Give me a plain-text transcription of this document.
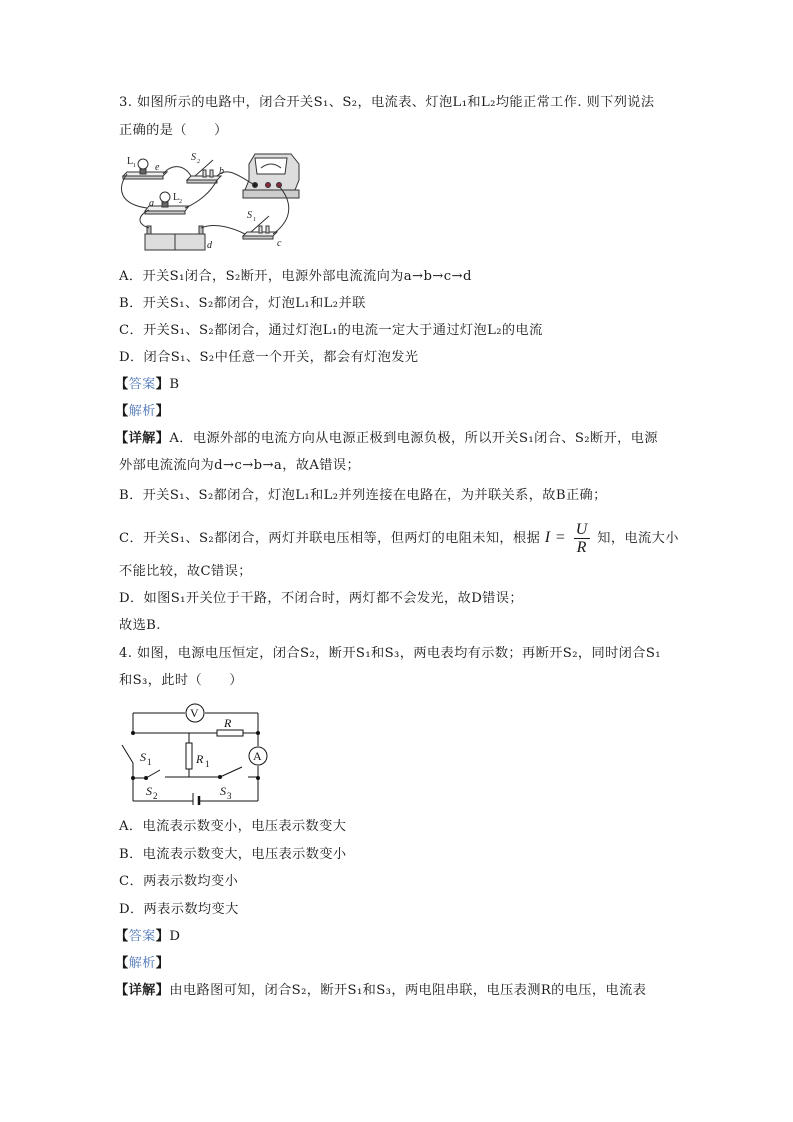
3. 如图所示的电路中，闭合开关S₁、S₂，电流表、灯泡L₁和L₂均能正常工作. 则下列说法
正确的是（　　）
L 1 e
S 2
b
a
L 2
S 1
d	c
A．开关S₁闭合，S₂断开，电源外部电流流向为a→b→c→d
B．开关S₁、S₂都闭合，灯泡L₁和L₂并联
C．开关S₁、S₂都闭合，通过灯泡L₁的电流一定大于通过灯泡L₂的电流
D．闭合S₁、S₂中任意一个开关，都会有灯泡发光
【答案】B
【解析】
【详解】A．电源外部的电流方向从电源正极到电源负极，所以开关S₁闭合、S₂断开，电源
外部电流流向为d→c→b→a，故A错误；
B．开关S₁、S₂都闭合，灯泡L₁和L₂并列连接在电路在，为并联关系，故B正确；
C．开关S₁、S₂都闭合，两灯并联电压相等，但两灯的电阻未知，根据 $I = \frac{U}{R}$ 知，电流大小
不能比较，故C错误；
D．如图S₁开关位于干路，不闭合时，两灯都不会发光，故D错误；
故选B.
4. 如图，电源电压恒定，闭合S₂，断开S₁和S₃，两电表均有示数；再断开S₂，同时闭合S₁
和S₃，此时（　　）
V
A
R
R 1
S 1
S 2	S 3
A．电流表示数变小，电压表示数变大
B．电流表示数变大，电压表示数变小
C．两表示数均变小
D．两表示数均变大
【答案】D
【解析】
【详解】由电路图可知，闭合S₂，断开S₁和S₃，两电阻串联，电压表测R的电压，电流表
